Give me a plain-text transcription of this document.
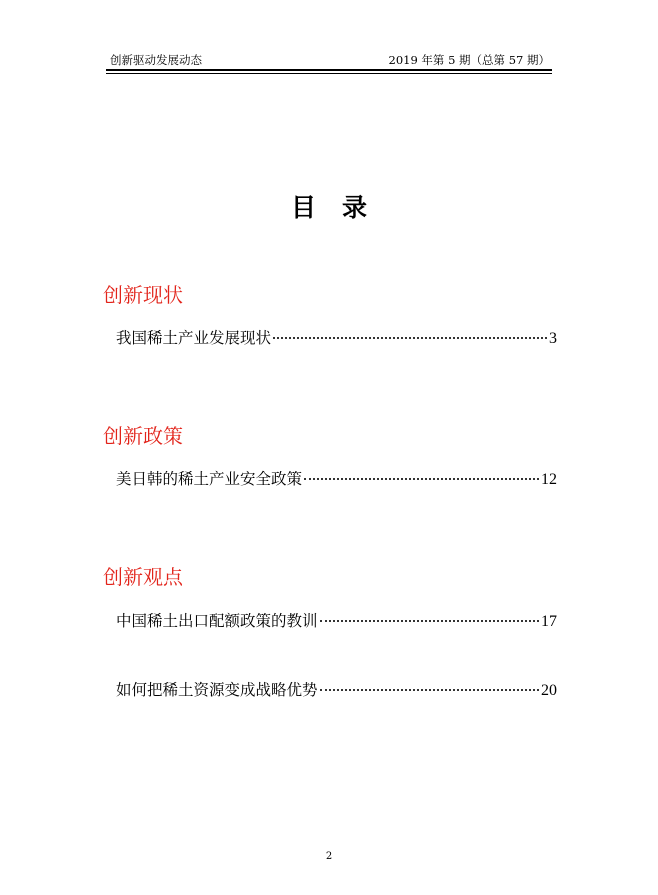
创新驱动发展动态	2019 年第 5 期（总第 57 期）
目录
创新现状
我国稀土产业发展现状	3
创新政策
美日韩的稀土产业安全政策	12
创新观点
中国稀土出口配额政策的教训	17
如何把稀土资源变成战略优势	20
2
